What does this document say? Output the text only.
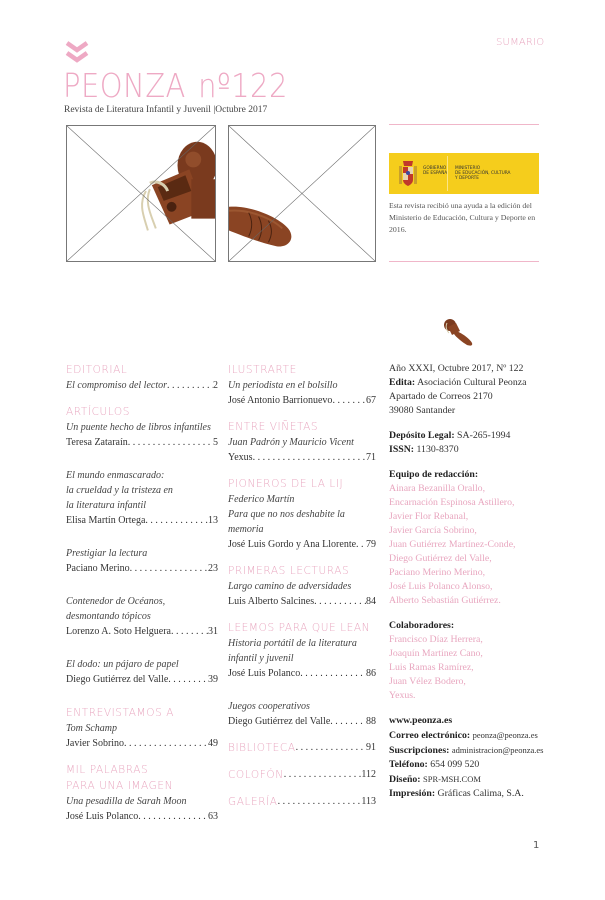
SUMARIO
PEONZA nº122
Revista de Literatura Infantil y Juvenil |Octubre 2017
GOBIERNO
DE ESPAÑA
MINISTERIO
DE EDUCACIÓN, CULTURA
Y DEPORTE
Esta revista recibió una ayuda a la edición del Ministerio de Educación, Cultura y Deporte en 2016.
EDITORIAL
El compromiso del lector . . .	2
ARTÍCULOS
Un puente hecho de libros infantiles
Teresa Zataraín . . .	5
El mundo enmascarado:
la crueldad y la tristeza en
la literatura infantil
Elisa Martín Ortega . . .	13
Prestigiar la lectura
Paciano Merino . . .	23
Contenedor de Océanos,
desmontando tópicos
Lorenzo A. Soto Helguera . . .	31
El dodo: un pájaro de papel
Diego Gutiérrez del Valle . . .	39
ENTREVISTAMOS A
Tom Schamp
Javier Sobrino . . .	49
MIL PALABRAS
PARA UNA IMAGEN
Una pesadilla de Sarah Moon
José Luis Polanco . . .	63
ILUSTRARTE
Un periodista en el bolsillo
José Antonio Barrionuevo . . .	67
ENTRE VIÑETAS
Juan Padrón y Mauricio Vicent
Yexus . . .	71
PIONEROS DE LA LIJ
Federico Martín
Para que no nos deshabite la memoria
José Luis Gordo y Ana Llorente . . . 79
PRIMERAS LECTURAS
Largo camino de adversidades
Luis Alberto Salcines . . .	84
LEEMOS PARA QUE LEAN
Historia portátil de la literatura
infantil y juvenil
José Luis Polanco . . .	86
Juegos cooperativos
Diego Gutiérrez del Valle . . .	88
BIBLIOTECA . . .	91
COLOFÓN . . .	112
GALERÍA . . .	113
Año XXXI, Octubre 2017, Nº 122
Edita: Asociación Cultural Peonza
Apartado de Correos 2170
39080 Santander
Depósito Legal: SA-265-1994
ISSN: 1130-8370
Equipo de redacción:
Ainara Bezanilla Orallo,
Encarnación Espinosa Astillero,
Javier Flor Rebanal,
Javier García Sobrino,
Juan Gutiérrez Martínez-Conde,
Diego Gutiérrez del Valle,
Paciano Merino Merino,
José Luis Polanco Alonso,
Alberto Sebastián Gutiérrez.
Colaboradores:
Francisco Díaz Herrera,
Joaquín Martínez Cano,
Luis Ramas Ramírez,
Juan Vélez Bodero,
Yexus.
www.peonza.es
Correo electrónico: peonza@peonza.es
Suscripciones: administracion@peonza.es
Teléfono: 654 099 520
Diseño: SPR-MSH.COM
Impresión: Gráficas Calima, S.A.
1
